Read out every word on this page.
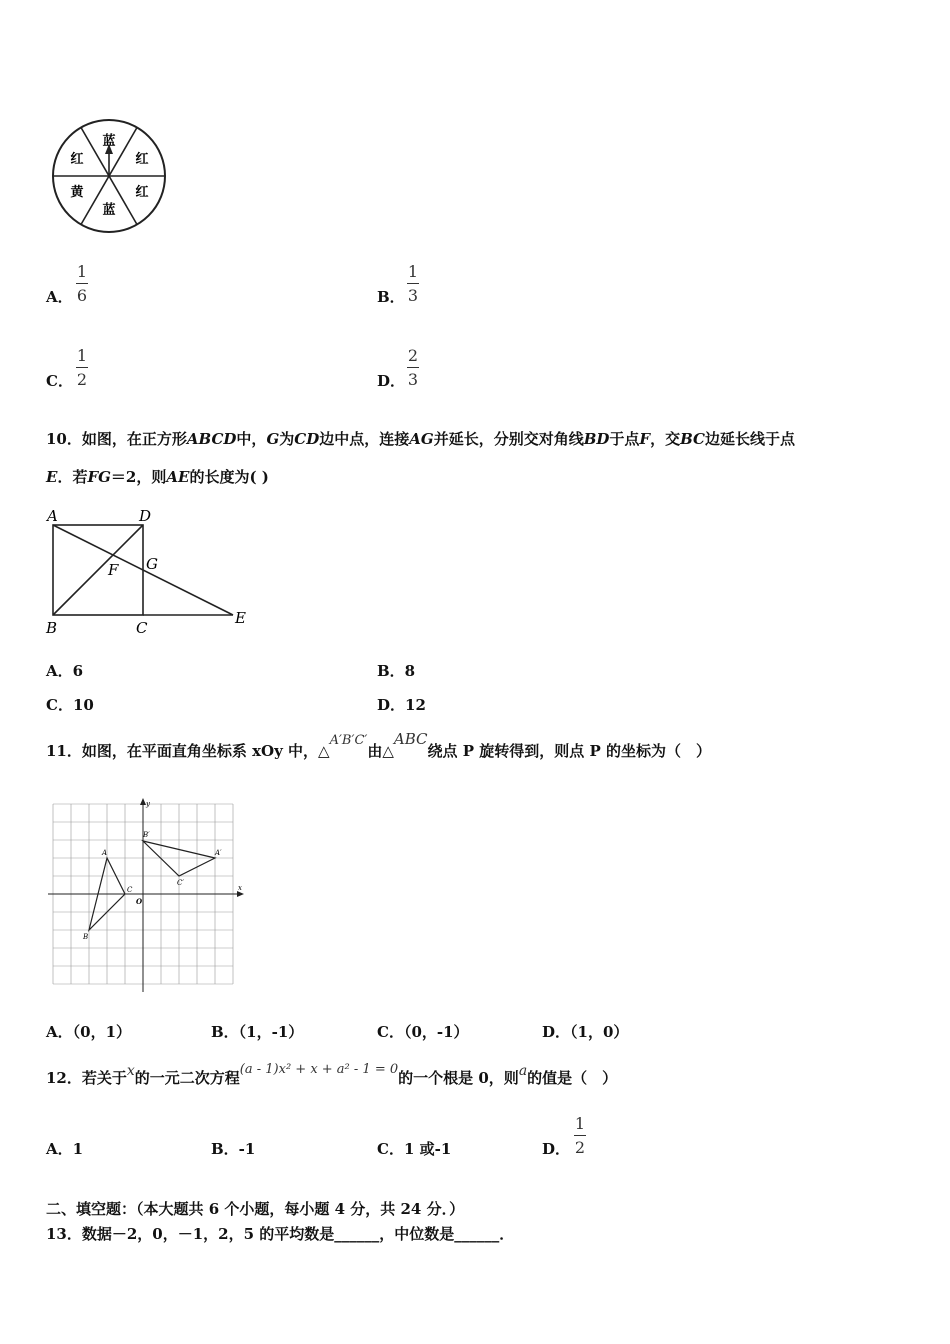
蓝
红
红
蓝
黄
红
A．
1
6	B．
1
3
C．
1
2	D．
2
3
10．如图，在正方形ABCD中，G为CD边中点，连接AG并延长，分别交对角线BD于点F，交BC边延长线于点
E．若FG＝2，则AE的长度为( )
A	D
G
F
B	C
E
A．6	B．8
C．10	D．12
11．如图，在平面直角坐标系 xOy 中，△A′B′C′由△ABC绕点 P 旋转得到，则点 P 的坐标为（　）
y
x
O
A
B
C
B′
A′
C′
A．（0，1）	B．（1，-1）	C．（0，-1）	D．（1，0）
12．若关于x的一元二次方程(a - 1)x² + x + a² - 1 = 0的一个根是 0，则a的值是（　）
A．1	B．-1	C．1 或-1	D．
1
2
二、填空题：（本大题共 6 个小题，每小题 4 分，共 24 分．）
13．数据－2，0，－1，2，5 的平均数是______，中位数是______．
